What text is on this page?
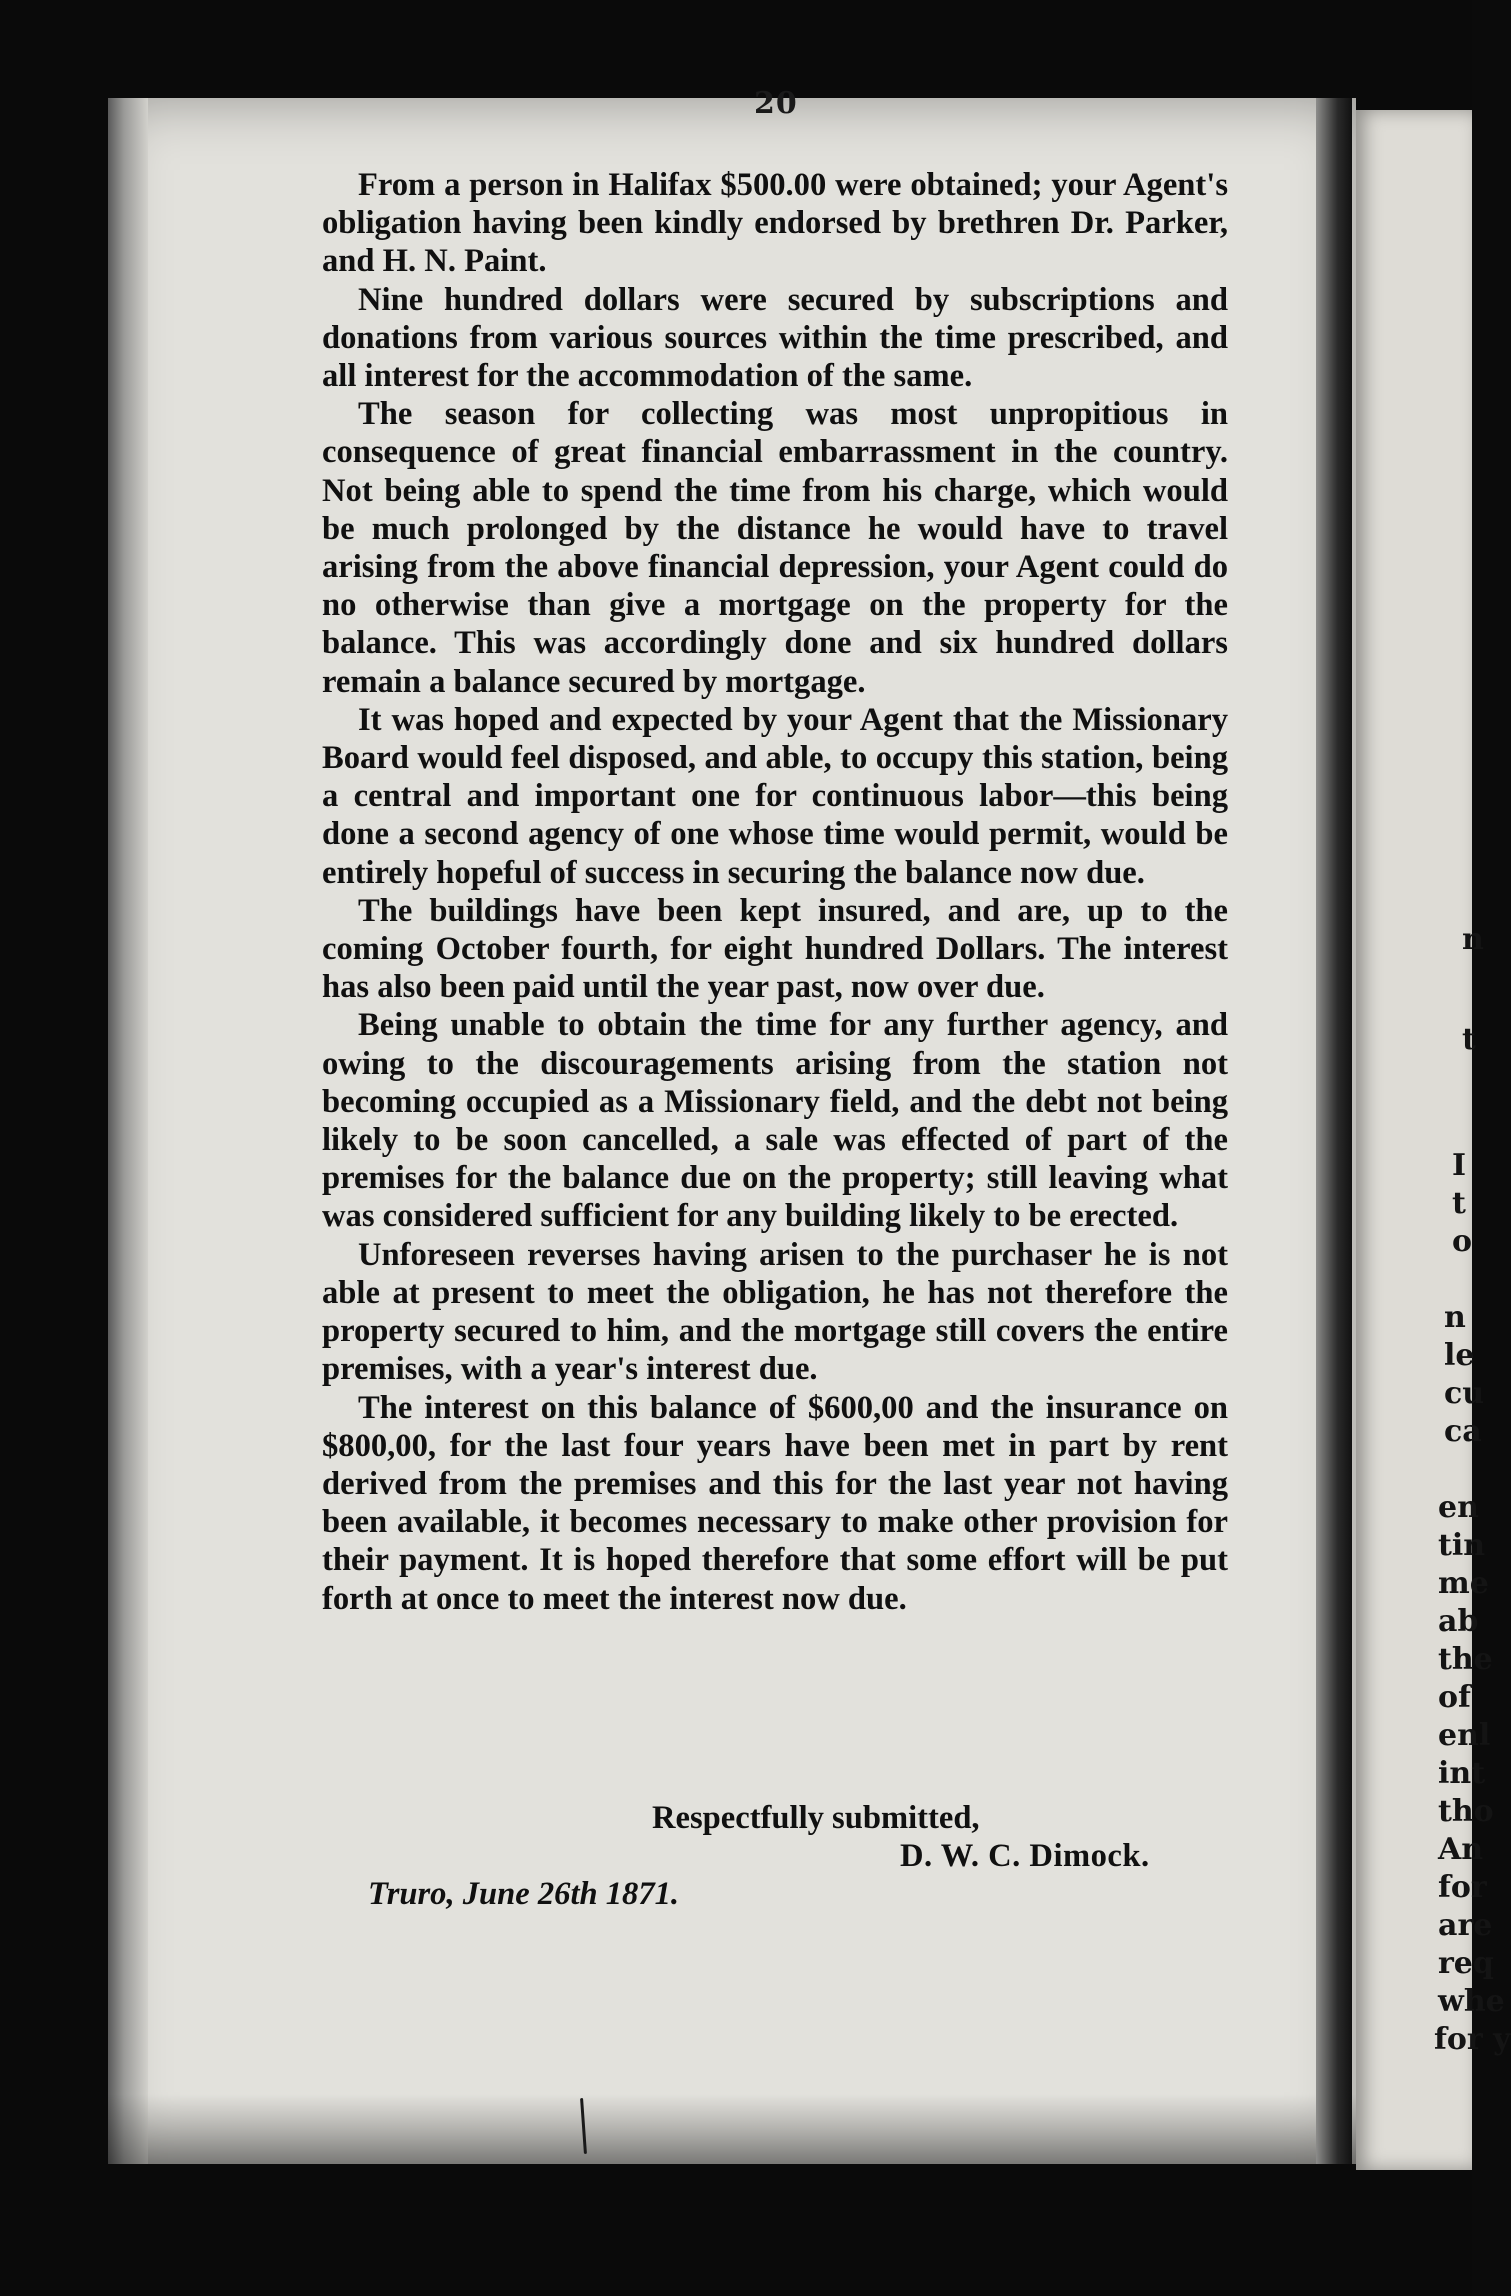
n
t
I
t
o
n
le
cu
ca
en
tin
me
ab
the
of
enl
int
tho
An
for
are
req
whe
for y
20

From a person in Halifax $500.00 were obtained; your Agent's obligation having been kindly endorsed by brethren Dr. Parker, and H. N. Paint.

Nine hundred dollars were secured by subscriptions and donations from various sources within the time prescribed, and all interest for the accommodation of the same.

The season for collecting was most unpropitious in consequence of great financial embarrassment in the country. Not being able to spend the time from his charge, which would be much prolonged by the distance he would have to travel arising from the above financial depression, your Agent could do no otherwise than give a mortgage on the property for the balance. This was accordingly done and six hundred dollars remain a balance secured by mortgage.

It was hoped and expected by your Agent that the Missionary Board would feel disposed, and able, to occupy this station, being a central and important one for continuous labor—this being done a second agency of one whose time would permit, would be entirely hopeful of success in securing the balance now due.

The buildings have been kept insured, and are, up to the coming October fourth, for eight hundred Dollars. The interest has also been paid until the year past, now over due.

Being unable to obtain the time for any further agency, and owing to the discouragements arising from the station not becoming occupied as a Missionary field, and the debt not being likely to be soon cancelled, a sale was effected of part of the premises for the balance due on the property; still leaving what was considered sufficient for any building likely to be erected.

Unforeseen reverses having arisen to the purchaser he is not able at present to meet the obligation, he has not therefore the property secured to him, and the mortgage still covers the entire premises, with a year's interest due.

The interest on this balance of $600,00 and the insurance on $800,00, for the last four years have been met in part by rent derived from the premises and this for the last year not having been available, it becomes necessary to make other provision for their payment. It is hoped therefore that some effort will be put forth at once to meet the interest now due.

Respectfully submitted,
D. W. C. Dimock.
Truro, June 26th 1871.
